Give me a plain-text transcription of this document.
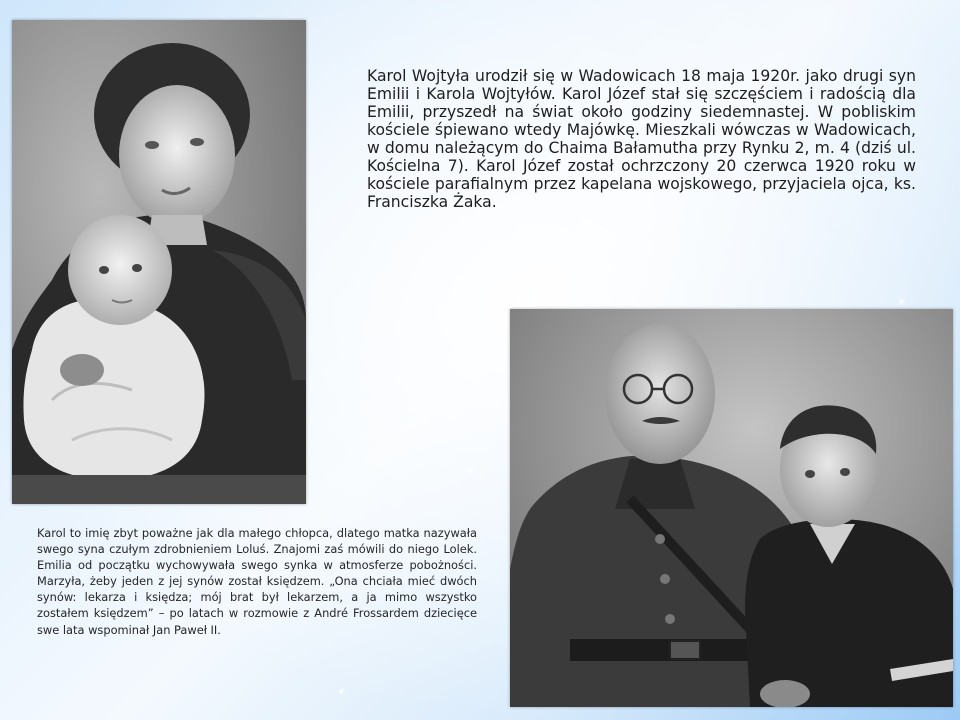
Karol Wojtyła urodził się w Wadowicach 18 maja 1920r. jako drugi syn Emilii i Karola Wojtyłów. Karol Józef stał się szczęściem i radością dla Emilii, przyszedł na świat około godziny siedemnastej. W pobliskim kościele śpiewano wtedy Majówkę. Mieszkali wówczas w Wadowicach, w domu należącym do Chaima Bałamutha przy Rynku 2, m. 4 (dziś ul. Kościelna 7). Karol Józef został ochrzczony 20 czerwca 1920 roku w kościele parafialnym przez kapelana wojskowego, przyjaciela ojca, ks. Franciszka Żaka.

Karol to imię zbyt poważne jak dla małego chłopca, dlatego matka nazywała swego syna czułym zdrobnieniem Loluś. Znajomi zaś mówili do niego Lolek. Emilia od początku wychowywała swego synka w atmosferze pobożności. Marzyła, żeby jeden z jej synów został księdzem. „Ona chciała mieć dwóch synów: lekarza i księdza; mój brat był lekarzem, a ja mimo wszystko zostałem księdzem” – po latach w rozmowie z André Frossardem dziecięce swe lata wspominał Jan Paweł II.
